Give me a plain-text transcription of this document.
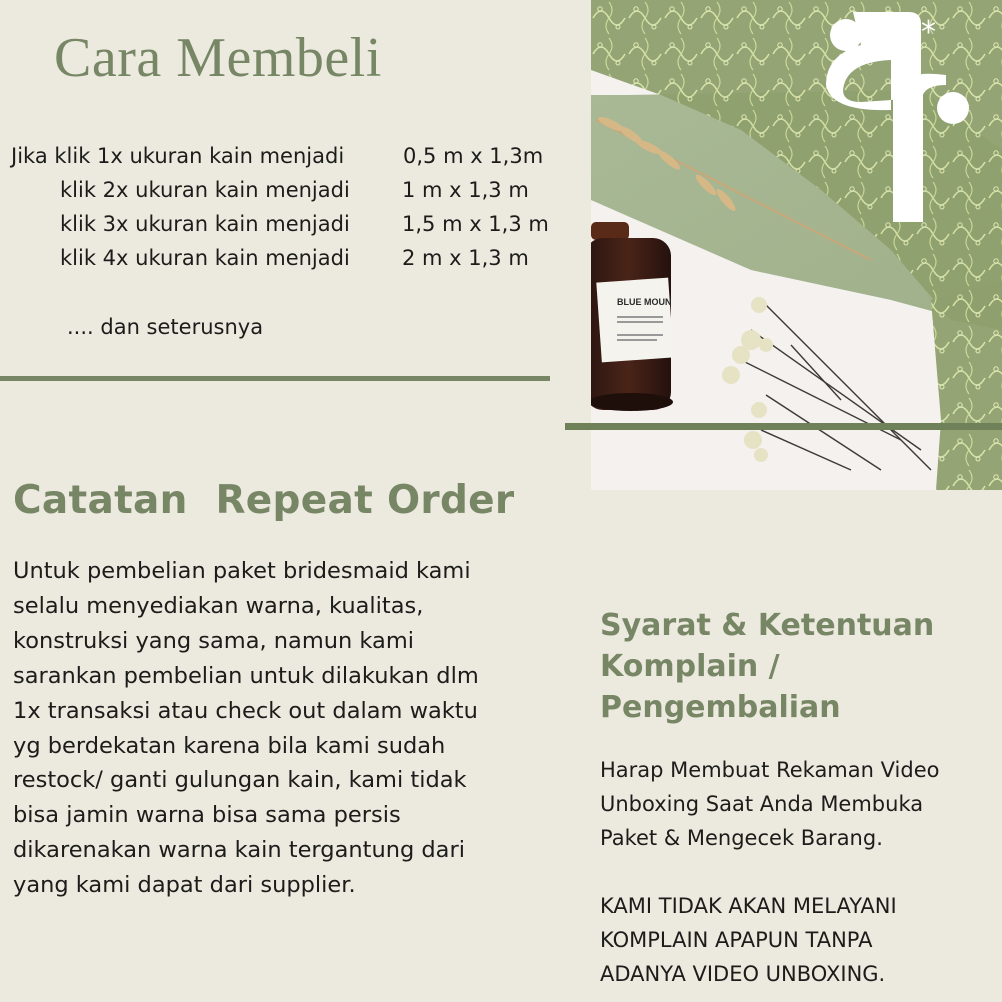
Cara Membeli
Jika klik 1x ukuran kain menjadi	0,5 m x 1,3m
klik 2x ukuran kain menjadi 1 m x 1,3 m
klik 3x ukuran kain menjadi 1,5 m x 1,3 m
klik 4x ukuran kain menjadi 2 m x 1,3 m
.... dan seterusnya
BLUE MOUN
*
Catatan  Repeat Order
Untuk pembelian paket bridesmaid kami
selalu menyediakan warna, kualitas,
konstruksi yang sama, namun kami
sarankan pembelian untuk dilakukan dlm
1x transaksi atau check out dalam waktu
yg berdekatan karena bila kami sudah
restock/ ganti gulungan kain, kami tidak
bisa jamin warna bisa sama persis
dikarenakan warna kain tergantung dari
yang kami dapat dari supplier.
Syarat & Ketentuan
Komplain /
Pengembalian
Harap Membuat Rekaman Video
Unboxing Saat Anda Membuka
Paket & Mengecek Barang.
KAMI TIDAK AKAN MELAYANI
KOMPLAIN APAPUN TANPA
ADANYA VIDEO UNBOXING.
